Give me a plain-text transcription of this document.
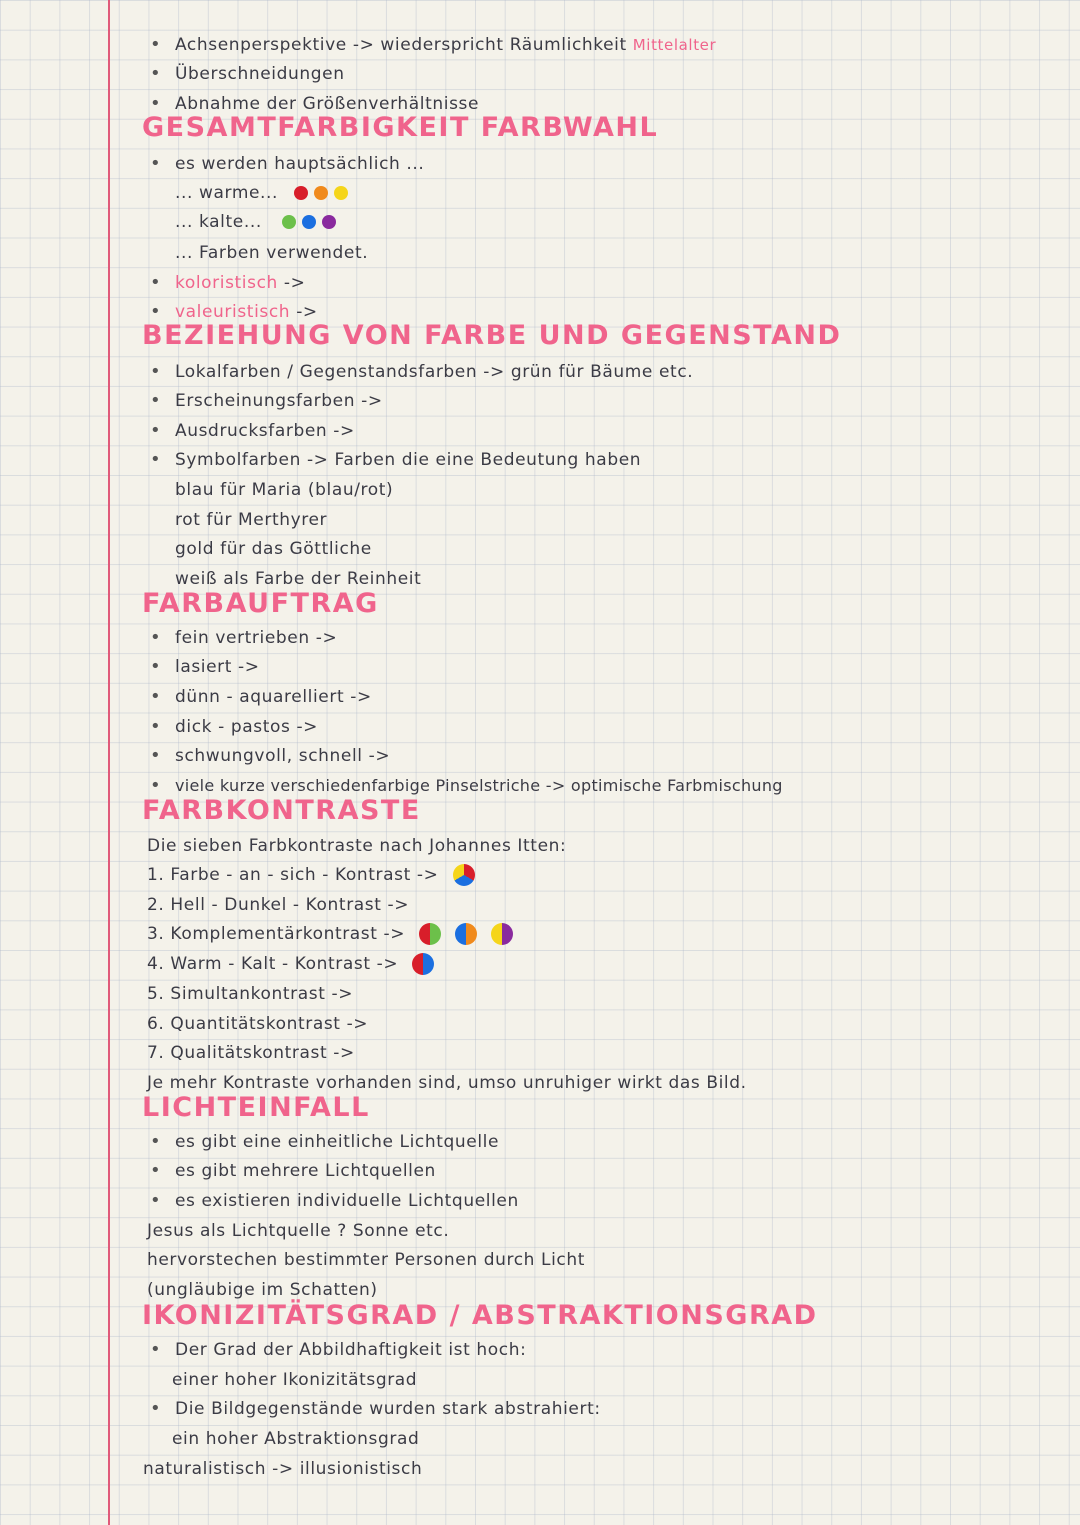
• Achsenperspektive -> wiederspricht Räumlichkeit Mittelalter
• Überschneidungen
• Abnahme der Größenverhältnisse
GESAMTFARBIGKEIT FARBWAHL
• es werden hauptsächlich ...
... warme...
... kalte...
... Farben verwendet.
• koloristisch ->
• valeuristisch ->
BEZIEHUNG VON FARBE UND GEGENSTAND
• Lokalfarben / Gegenstandsfarben -> grün für Bäume etc.
• Erscheinungsfarben ->
• Ausdrucksfarben ->
• Symbolfarben -> Farben die eine Bedeutung haben
blau für Maria (blau/rot)
rot für Merthyrer
gold für das Göttliche
weiß als Farbe der Reinheit
FARBAUFTRAG
• fein vertrieben ->
• lasiert ->
• dünn - aquarelliert ->
• dick - pastos ->
• schwungvoll, schnell ->
• viele kurze verschiedenfarbige Pinselstriche -> optimische Farbmischung
FARBKONTRASTE
Die sieben Farbkontraste nach Johannes Itten:
1. Farbe - an - sich - Kontrast ->
2. Hell - Dunkel - Kontrast ->
3. Komplementärkontrast ->
4. Warm - Kalt - Kontrast ->
5. Simultankontrast ->
6. Quantitätskontrast ->
7. Qualitätskontrast ->
Je mehr Kontraste vorhanden sind, umso unruhiger wirkt das Bild.
LICHTEINFALL
• es gibt eine einheitliche Lichtquelle
• es gibt mehrere Lichtquellen
• es existieren individuelle Lichtquellen
Jesus als Lichtquelle ? Sonne etc.
hervorstechen bestimmter Personen durch Licht
(ungläubige im Schatten)
IKONIZITÄTSGRAD / ABSTRAKTIONSGRAD
• Der Grad der Abbildhaftigkeit ist hoch:
einer hoher Ikonizitätsgrad
• Die Bildgegenstände wurden stark abstrahiert:
ein hoher Abstraktionsgrad
naturalistisch -> illusionistisch
